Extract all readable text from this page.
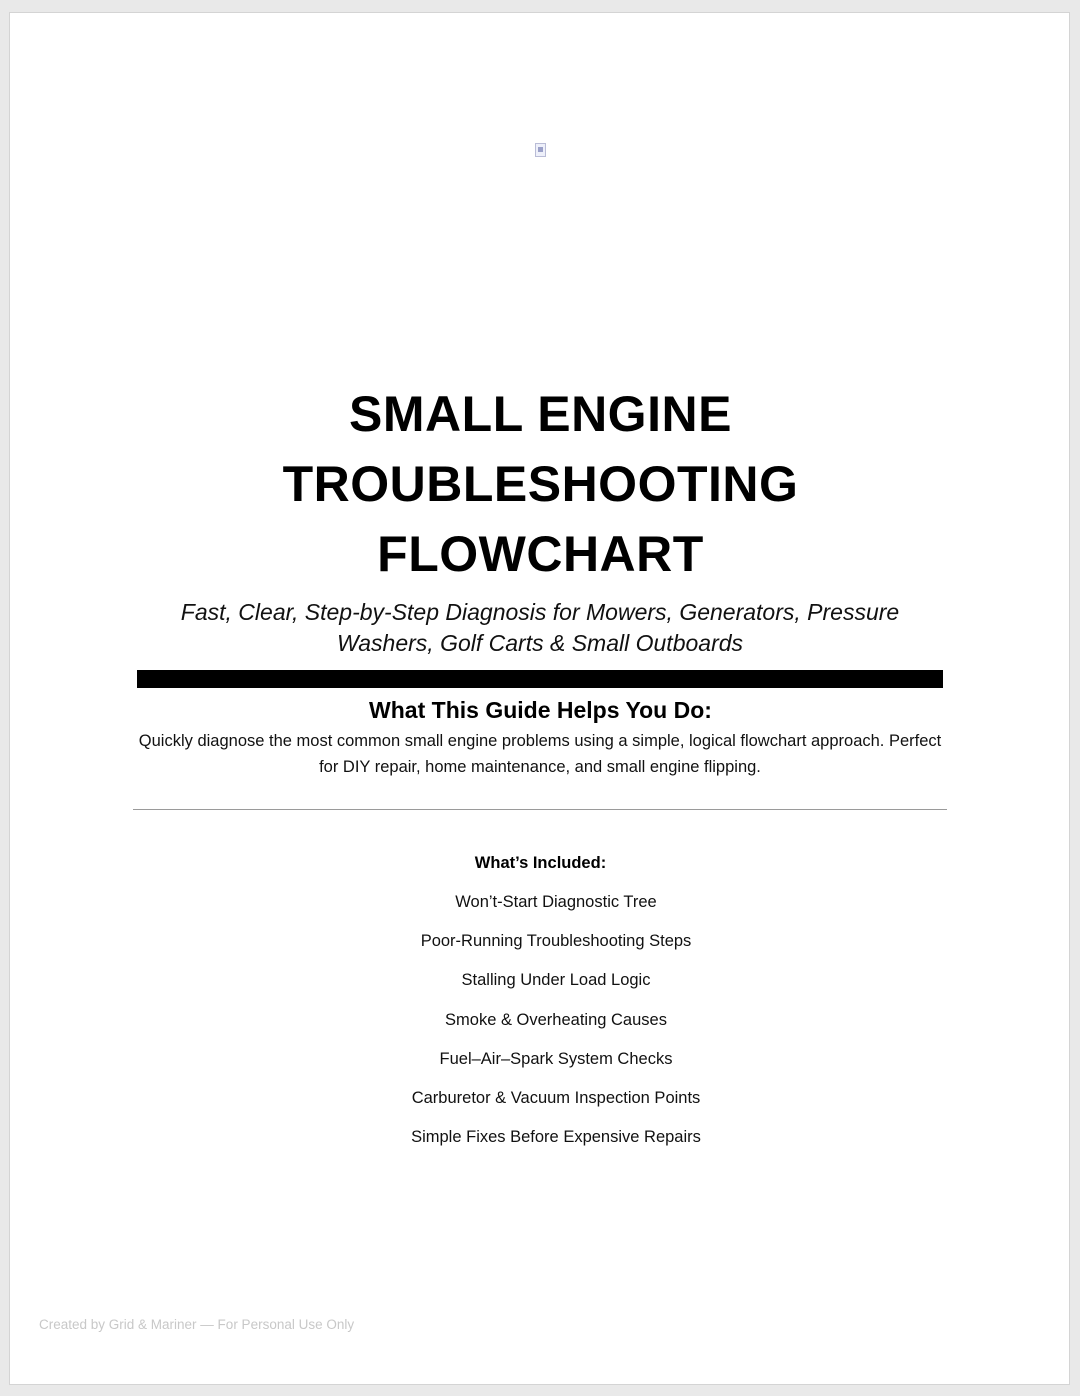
SMALL ENGINE
TROUBLESHOOTING
FLOWCHART

Fast, Clear, Step-by-Step Diagnosis for Mowers, Generators, Pressure Washers, Golf Carts & Small Outboards

What This Guide Helps You Do:

Quickly diagnose the most common small engine problems using a simple, logical flowchart approach. Perfect for DIY repair, home maintenance, and small engine flipping.

What’s Included:
Won’t-Start Diagnostic Tree
Poor-Running Troubleshooting Steps
Stalling Under Load Logic
Smoke & Overheating Causes
Fuel–Air–Spark System Checks
Carburetor & Vacuum Inspection Points
Simple Fixes Before Expensive Repairs
Created by Grid & Mariner — For Personal Use Only
